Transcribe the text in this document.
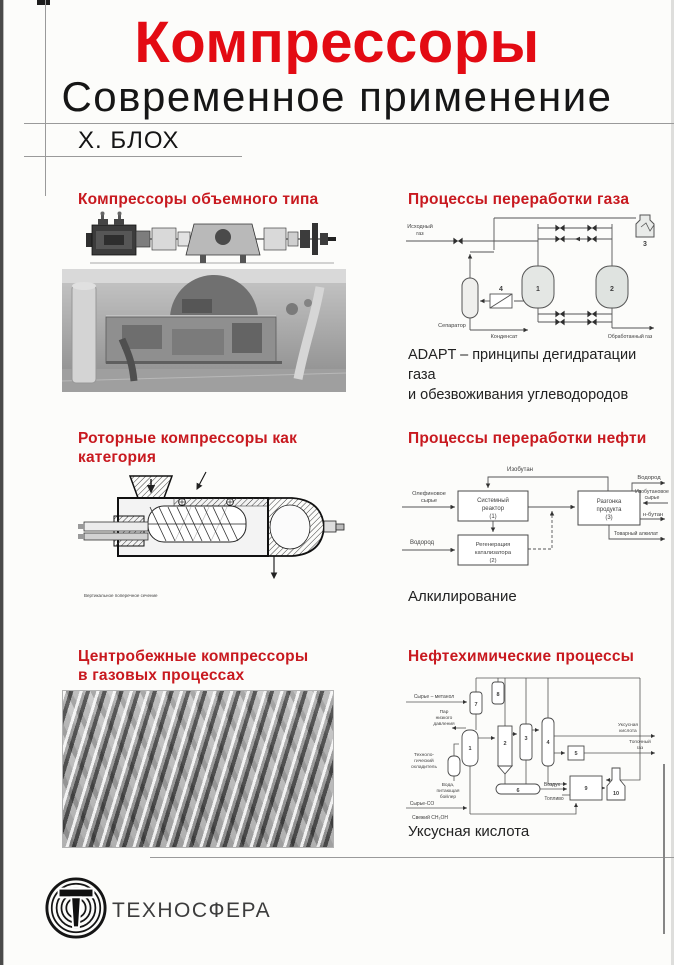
Компрессоры
Современное применение
Х. БЛОХ
Компрессоры объемного типа
Роторные компрессоры как
категория
Вертикальное поперечное сечение
Центробежные компрессоры
в газовых процессах
Процессы переработки газа
Исходный
газ
1	2
3
4
Сепаратор
Конденсат	Обработанный газ
ADAPT – принципы дегидратации газа
и обезвоживания углеводородов
Процессы переработки нефти
Изобутан
Олефиновое
сырье	Системный
реактор
(1)
Разгонка
продукта
(3)
Регенерация
катализатора
(2)
Водород
Водород
Изобутановое
сырье
н-бутан
Товарный алкилат
Алкилирование
Нефтехимические процессы
Сырье – метанол
Пар
низкого
давления
Техноло-
гический
охладитель
Вода,
питающая
бойлер
Сырье-CO
Свежий CH₃OH
Воздух
Топливо
Уксусная
кислота
Топочный
газ
1
2
3
4
5
6
7
8
9
10
Уксусная кислота
ТЕХНОСФЕРА
